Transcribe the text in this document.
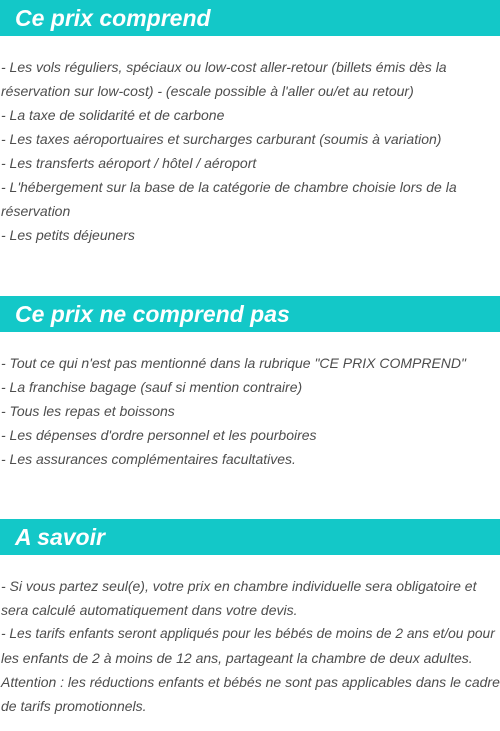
Ce prix comprend
- Les vols réguliers, spéciaux ou low-cost aller-retour (billets émis dès la
réservation sur low-cost) - (escale possible à l'aller ou/et au retour)
- La taxe de solidarité et de carbone
- Les taxes aéroportuaires et surcharges carburant (soumis à variation)
- Les transferts aéroport / hôtel / aéroport
- L'hébergement sur la base de la catégorie de chambre choisie lors de la
réservation
- Les petits déjeuners
Ce prix ne comprend pas
- Tout ce qui n'est pas mentionné dans la rubrique "CE PRIX COMPREND"
- La franchise bagage (sauf si mention contraire)
- Tous les repas et boissons
- Les dépenses d'ordre personnel et les pourboires
- Les assurances complémentaires facultatives.
A savoir
- Si vous partez seul(e), votre prix en chambre individuelle sera obligatoire et
sera calculé automatiquement dans votre devis.
- Les tarifs enfants seront appliqués pour les bébés de moins de 2 ans et/ou pour
les enfants de 2 à moins de 12 ans, partageant la chambre de deux adultes.
Attention : les réductions enfants et bébés ne sont pas applicables dans le cadre
de tarifs promotionnels.
